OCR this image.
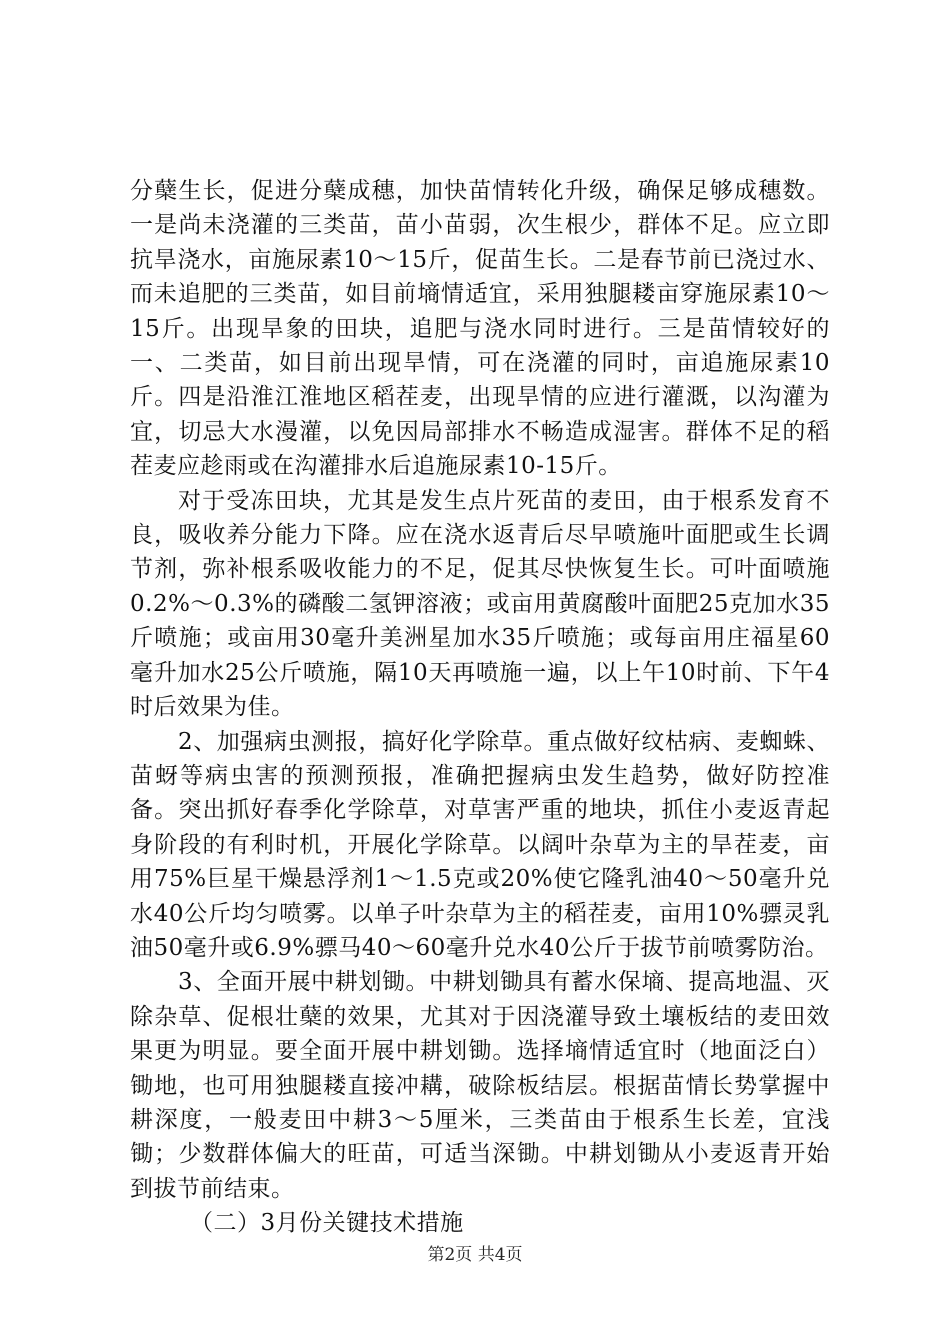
分蘖生长，促进分蘖成穗，加快苗情转化升级，确保足够成穗数。一是尚未浇灌的三类苗，苗小苗弱，次生根少，群体不足。应立即抗旱浇水，亩施尿素10～15斤，促苗生长。二是春节前已浇过水、而未追肥的三类苗，如目前墒情适宜，采用独腿耧亩穿施尿素10～15斤。出现旱象的田块，追肥与浇水同时进行。三是苗情较好的一、二类苗，如目前出现旱情，可在浇灌的同时，亩追施尿素10斤。四是沿淮江淮地区稻茬麦，出现旱情的应进行灌溉，以沟灌为宜，切忌大水漫灌，以免因局部排水不畅造成湿害。群体不足的稻茬麦应趁雨或在沟灌排水后追施尿素10-15斤。

对于受冻田块，尤其是发生点片死苗的麦田，由于根系发育不良，吸收养分能力下降。应在浇水返青后尽早喷施叶面肥或生长调节剂，弥补根系吸收能力的不足，促其尽快恢复生长。可叶面喷施0.2%～0.3%的磷酸二氢钾溶液；或亩用黄腐酸叶面肥25克加水35斤喷施；或亩用30毫升美洲星加水35斤喷施；或每亩用庄福星60毫升加水25公斤喷施，隔10天再喷施一遍，以上午10时前、下午4时后效果为佳。

2、加强病虫测报，搞好化学除草。重点做好纹枯病、麦蜘蛛、苗蚜等病虫害的预测预报，准确把握病虫发生趋势，做好防控准备。突出抓好春季化学除草，对草害严重的地块，抓住小麦返青起身阶段的有利时机，开展化学除草。以阔叶杂草为主的旱茬麦，亩用75%巨星干燥悬浮剂1～1.5克或20%使它隆乳油40～50毫升兑水40公斤均匀喷雾。以单子叶杂草为主的稻茬麦，亩用10%骠灵乳油50毫升或6.9%骠马40～60毫升兑水40公斤于拔节前喷雾防治。

3、全面开展中耕划锄。中耕划锄具有蓄水保墒、提高地温、灭除杂草、促根壮蘖的效果，尤其对于因浇灌导致土壤板结的麦田效果更为明显。要全面开展中耕划锄。选择墒情适宜时（地面泛白）锄地，也可用独腿耧直接冲耩，破除板结层。根据苗情长势掌握中耕深度，一般麦田中耕3～5厘米，三类苗由于根系生长差，宜浅锄；少数群体偏大的旺苗，可适当深锄。中耕划锄从小麦返青开始到拔节前结束。

（二）3月份关键技术措施

第2页 共4页
